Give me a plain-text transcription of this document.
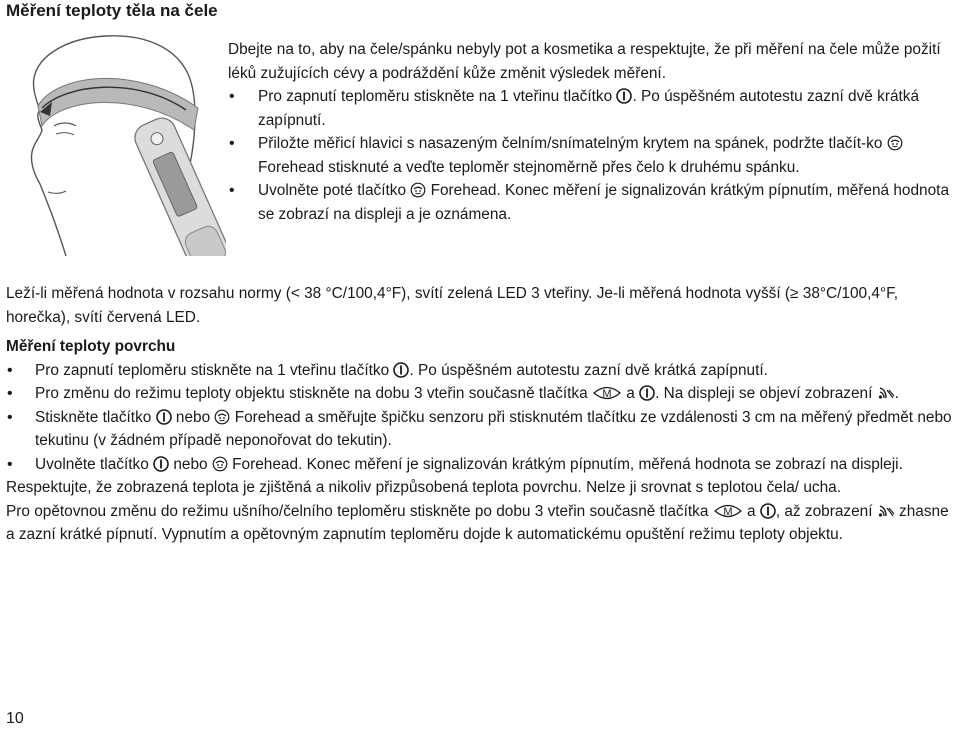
Měření teploty těla na čele

Dbejte na to, aby na čele/spánku nebyly pot a kosmetika a respektujte, že při měření na čele může požití léků zužujících cévy a podráždění kůže změnit výsledek měření.

• Pro zapnutí teploměru stiskněte na 1 vteřinu tlačítko . Po úspěšném autotestu zazní dvě krátká zapípnutí.
• Přiložte měřicí hlavici s nasazeným čelním/snímatelným krytem na spánek, podržte tlačít-ko  Forehead stisknuté a veďte teploměr stejnoměrně přes čelo k druhému spánku.
• Uvolněte poté tlačítko  Forehead. Konec měření je signalizován krátkým pípnutím, měřená hodnota se zobrazí na displeji a je oznámena.

Leží-li měřená hodnota v rozsahu normy (< 38 °C/100,4°F), svítí zelená LED 3 vteřiny. Je-li měřená hodnota vyšší (≥ 38°C/100,4°F, horečka), svítí červená LED.

Měření teploty povrchu
• Pro zapnutí teploměru stiskněte na 1 vteřinu tlačítko . Po úspěšném autotestu zazní dvě krátká zapípnutí.
• Pro změnu do režimu teploty objektu stiskněte na dobu 3 vteřin současně tlačítka M a . Na displeji se objeví zobrazení .
• Stiskněte tlačítko  nebo  Forehead a směřujte špičku senzoru při stisknutém tlačítku ze vzdálenosti 3 cm na měřený předmět nebo tekutinu (v žádném případě neponořovat do tekutin).
• Uvolněte tlačítko  nebo  Forehead. Konec měření je signalizován krátkým pípnutím, měřená hodnota se zobrazí na displeji.

Respektujte, že zobrazená teplota je zjištěná a nikoliv přizpůsobená teplota povrchu. Nelze ji srovnat s teplotou čela/ ucha.

Pro opětovnou změnu do režimu ušního/čelního teploměru stiskněte po dobu 3 vteřin současně tlačítka M a , až zobrazení  zhasne a zazní krátké pípnutí. Vypnutím a opětovným zapnutím teploměru dojde k automatickému opuštění režimu teploty objektu.

10
